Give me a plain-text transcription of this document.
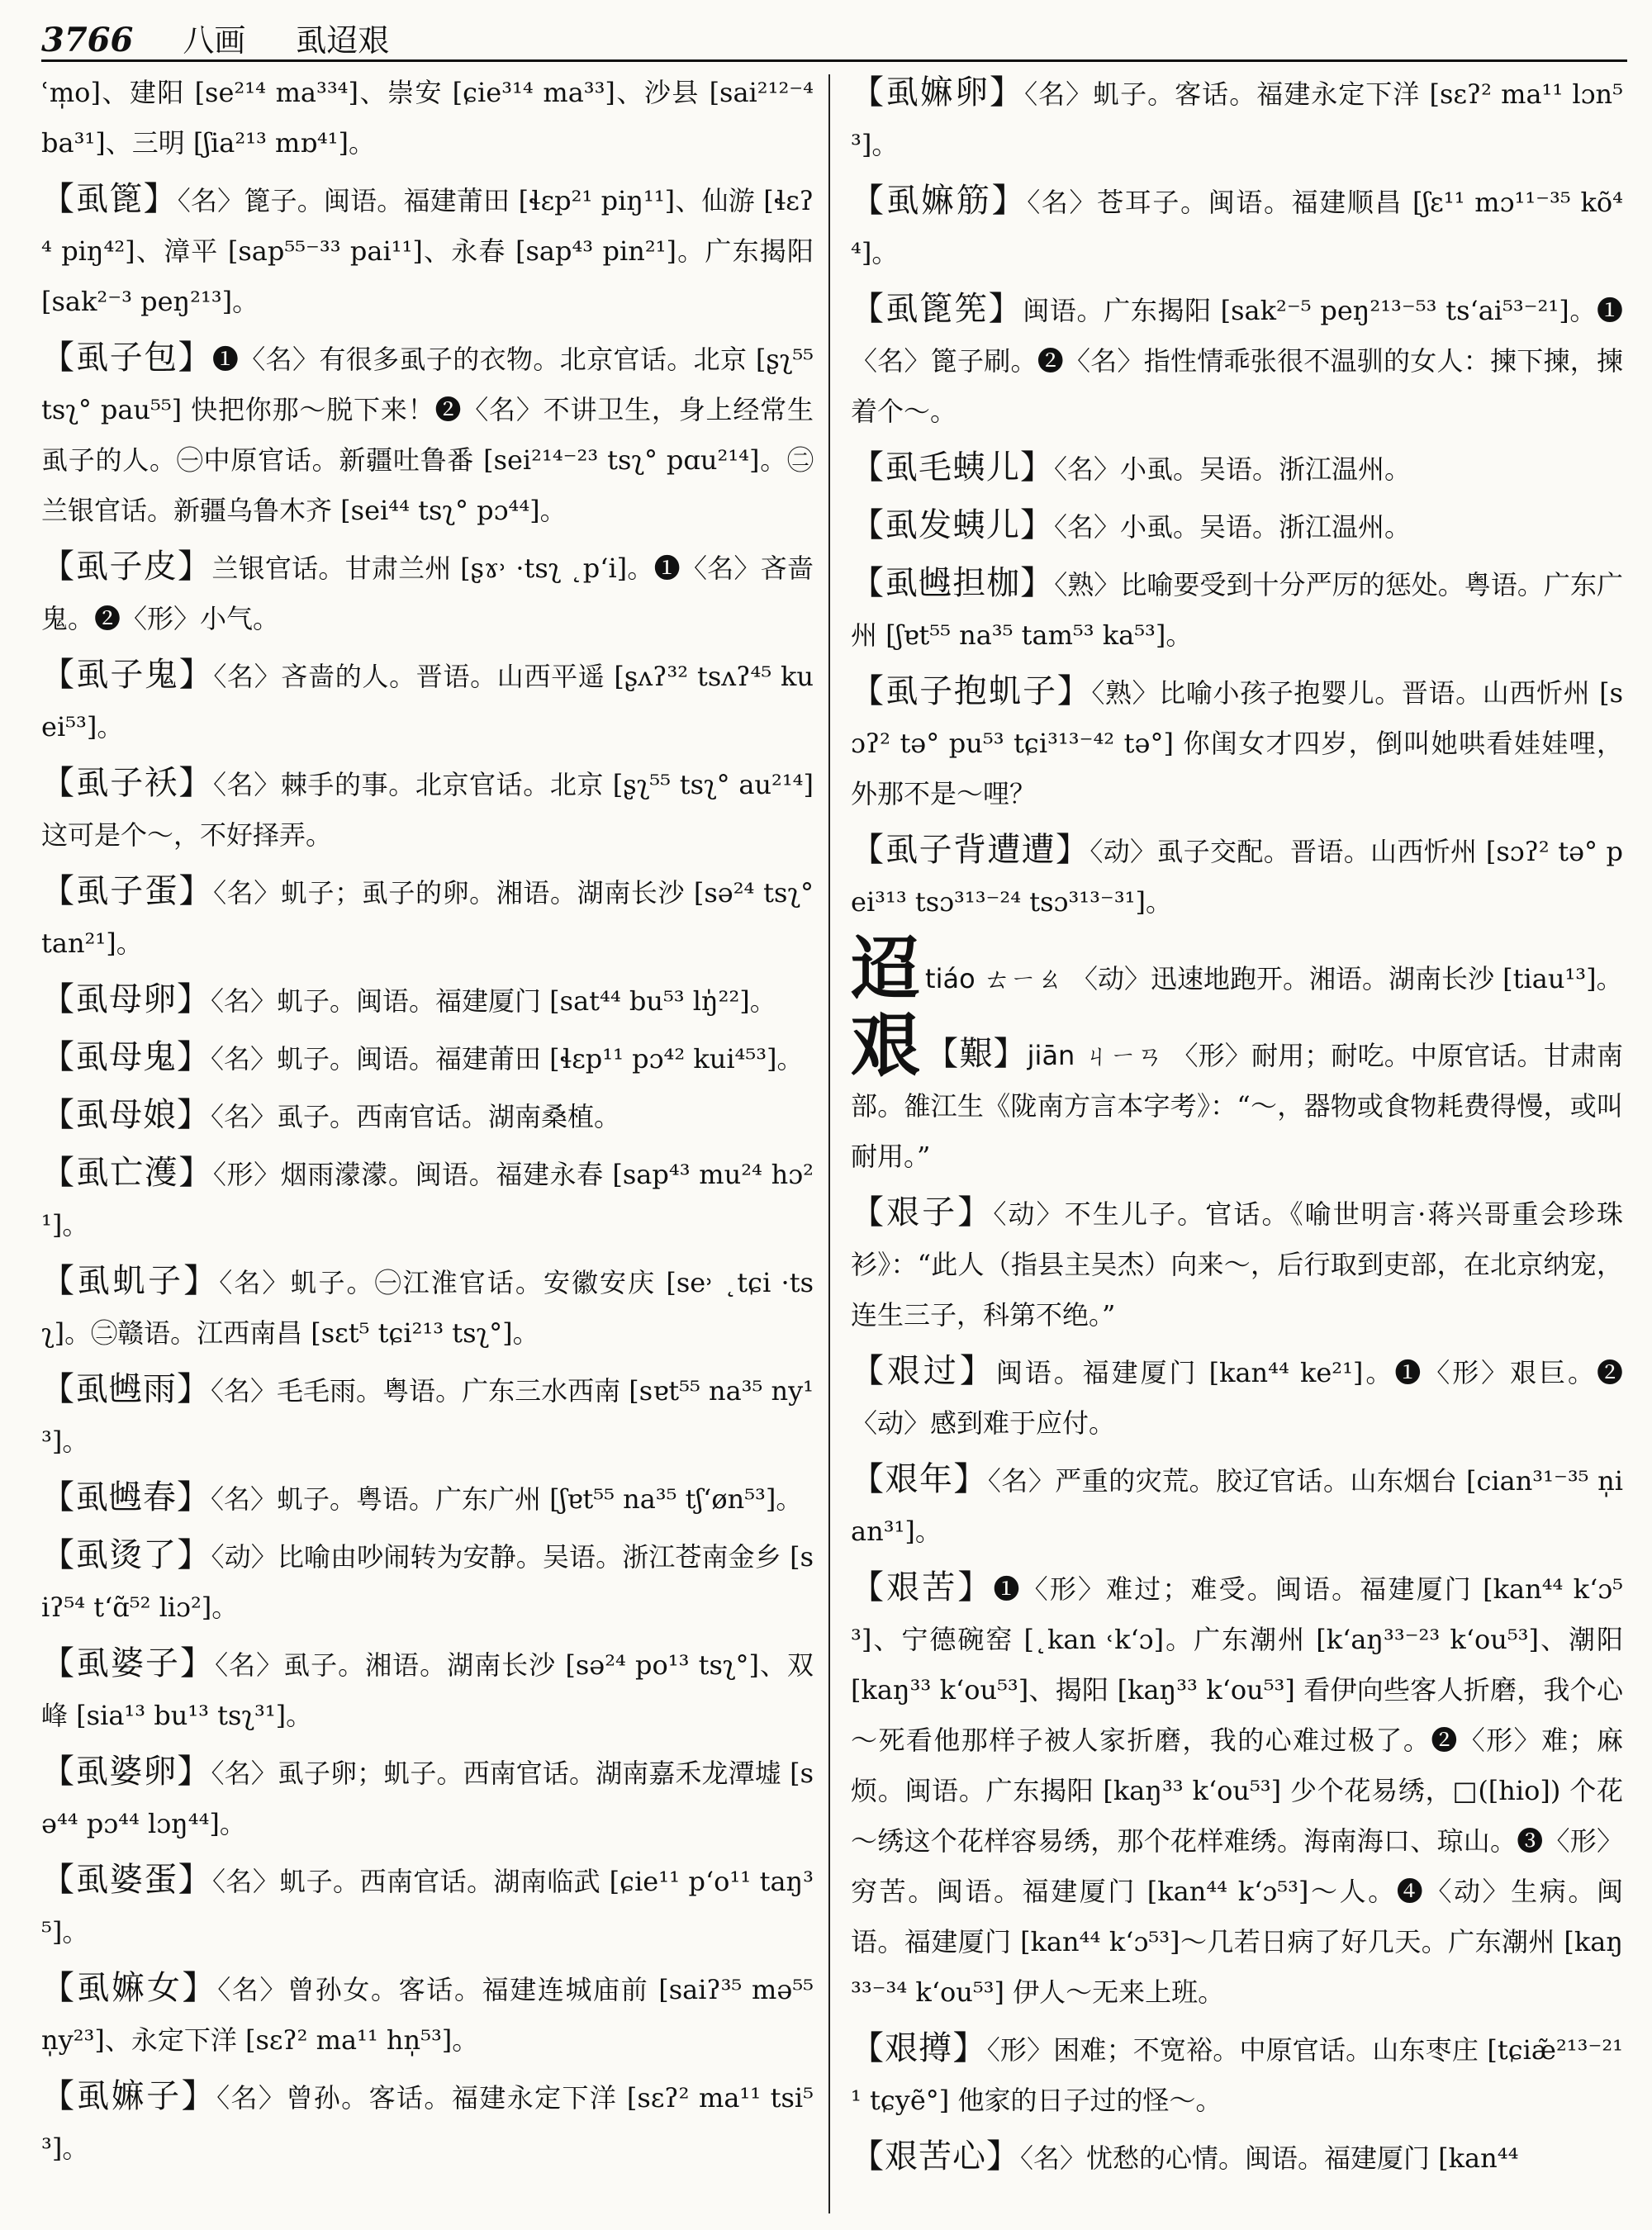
3766 八画 虱迢艰

ʿm̩o]、建阳 [se²¹⁴ ma³³⁴]、崇安 [ɕie³¹⁴ ma³³]、沙县 [sai²¹²⁻⁴ ba³¹]、三明 [ʃia²¹³ mɒ⁴¹]。

【虱篦】〈名〉篦子。闽语。福建莆田 [ɬɛp²¹ piŋ¹¹]、仙游 [ɬɛʔ⁴ piŋ⁴²]、漳平 [sap⁵⁵⁻³³ pai¹¹]、永春 [sap⁴³ pin²¹]。广东揭阳 [sak²⁻³ peŋ²¹³]。

【虱子包】❶〈名〉有很多虱子的衣物。北京官话。北京 [ʂʅ⁵⁵ tsʅ° pau⁵⁵] 快把你那～脱下来！❷〈名〉不讲卫生，身上经常生虱子的人。㊀中原官话。新疆吐鲁番 [sei²¹⁴⁻²³ tsʅ° pɑu²¹⁴]。㊁兰银官话。新疆乌鲁木齐 [sei⁴⁴ tsʅ° pɔ⁴⁴]。

【虱子皮】兰银官话。甘肃兰州 [ʂɤ˒ ·tsʅ ˛pʻi]。❶〈名〉吝啬鬼。❷〈形〉小气。

【虱子鬼】〈名〉吝啬的人。晋语。山西平遥 [ʂʌʔ³² tsʌʔ⁴⁵ kuei⁵³]。

【虱子袄】〈名〉棘手的事。北京官话。北京 [ʂʅ⁵⁵ tsʅ° au²¹⁴] 这可是个～，不好择弄。

【虱子蛋】〈名〉虮子；虱子的卵。湘语。湖南长沙 [sə²⁴ tsʅ° tan²¹]。

【虱母卵】〈名〉虮子。闽语。福建厦门 [sat⁴⁴ bu⁵³ lŋ̍²²]。

【虱母鬼】〈名〉虮子。闽语。福建莆田 [ɬɛp¹¹ pɔ⁴² kui⁴⁵³]。

【虱母娘】〈名〉虱子。西南官话。湖南桑植。

【虱亡濩】〈形〉烟雨濛濛。闽语。福建永春 [sap⁴³ mu²⁴ hɔ²¹]。

【虱虮子】〈名〉虮子。㊀江淮官话。安徽安庆 [se˒ ˛tɕi ·tsʅ]。㊁赣语。江西南昌 [sɛt⁵ tɕi²¹³ tsʅ°]。

【虱乸雨】〈名〉毛毛雨。粤语。广东三水西南 [sɐt⁵⁵ na³⁵ ny¹³]。

【虱乸春】〈名〉虮子。粤语。广东广州 [ʃɐt⁵⁵ na³⁵ tʃʻøn⁵³]。

【虱烫了】〈动〉比喻由吵闹转为安静。吴语。浙江苍南金乡 [siʔ⁵⁴ tʻɑ̃⁵² liɔ²]。

【虱婆子】〈名〉虱子。湘语。湖南长沙 [sə²⁴ po¹³ tsʅ°]、双峰 [sia¹³ bu¹³ tsʅ³¹]。

【虱婆卵】〈名〉虱子卵；虮子。西南官话。湖南嘉禾龙潭墟 [sə⁴⁴ pɔ⁴⁴ lɔŋ⁴⁴]。

【虱婆蛋】〈名〉虮子。西南官话。湖南临武 [ɕie¹¹ pʻo¹¹ taŋ³⁵]。

【虱嫲女】〈名〉曾孙女。客话。福建连城庙前 [saiʔ³⁵ mə⁵⁵ n̩y²³]、永定下洋 [sɛʔ² ma¹¹ hn̩⁵³]。

【虱嫲子】〈名〉曾孙。客话。福建永定下洋 [sɛʔ² ma¹¹ tsi⁵³]。

【虱嫲卵】〈名〉虮子。客话。福建永定下洋 [sɛʔ² ma¹¹ lɔn⁵³]。

【虱嫲筋】〈名〉苍耳子。闽语。福建顺昌 [ʃɛ¹¹ mɔ¹¹⁻³⁵ kõ⁴⁴]。

【虱篦筅】闽语。广东揭阳 [sak²⁻⁵ peŋ²¹³⁻⁵³ tsʻai⁵³⁻²¹]。❶〈名〉篦子刷。❷〈名〉指性情乖张很不温驯的女人：揀下揀，揀着个～。

【虱毛蛦儿】〈名〉小虱。吴语。浙江温州。

【虱发蛦儿】〈名〉小虱。吴语。浙江温州。

【虱乸担枷】〈熟〉比喻要受到十分严厉的惩处。粤语。广东广州 [ʃɐt⁵⁵ na³⁵ tam⁵³ ka⁵³]。

【虱子抱虮子】〈熟〉比喻小孩子抱婴儿。晋语。山西忻州 [sɔʔ² tə° pu⁵³ tɕi³¹³⁻⁴² tə°] 你闺女才四岁，倒叫她哄看娃娃哩，外那不是～哩？

【虱子背遭遭】〈动〉虱子交配。晋语。山西忻州 [sɔʔ² tə° pei³¹³ tsɔ³¹³⁻²⁴ tsɔ³¹³⁻³¹]。

迢tiáo ㄊㄧㄠ 〈动〉迅速地跑开。湘语。湖南长沙 [tiau¹³]。

艰 【艱】jiān ㄐㄧㄢ 〈形〉耐用；耐吃。中原官话。甘肃南部。雒江生《陇南方言本字考》：“～，器物或食物耗费得慢，或叫耐用。”

【艰子】〈动〉不生儿子。官话。《喻世明言·蒋兴哥重会珍珠衫》：“此人（指县主吴杰）向来～，后行取到吏部，在北京纳宠，连生三子，科第不绝。”

【艰过】闽语。福建厦门 [kan⁴⁴ ke²¹]。❶〈形〉艰巨。❷〈动〉感到难于应付。

【艰年】〈名〉严重的灾荒。胶辽官话。山东烟台 [cian³¹⁻³⁵ n̩ian³¹]。

【艰苦】❶〈形〉难过；难受。闽语。福建厦门 [kan⁴⁴ kʻɔ⁵³]、宁德碗窑 [˛kan ˓kʻɔ]。广东潮州 [kʻaŋ³³⁻²³ kʻou⁵³]、潮阳 [kaŋ³³ kʻou⁵³]、揭阳 [kaŋ³³ kʻou⁵³] 看伊向些客人折磨，我个心～死看他那样子被人家折磨，我的心难过极了。❷〈形〉难；麻烦。闽语。广东揭阳 [kaŋ³³ kʻou⁵³] 少个花易绣，□([hio]) 个花～绣这个花样容易绣，那个花样难绣。海南海口、琼山。❸〈形〉穷苦。闽语。福建厦门 [kan⁴⁴ kʻɔ⁵³]～人。❹〈动〉生病。闽语。福建厦门 [kan⁴⁴ kʻɔ⁵³]～几若日病了好几天。广东潮州 [kaŋ³³⁻³⁴ kʻou⁵³] 伊人～无来上班。

【艰撙】〈形〉困难；不宽裕。中原官话。山东枣庄 [tɕiæ̃²¹³⁻²¹¹ tɕyẽ°] 他家的日子过的怪～。

【艰苦心】〈名〉忧愁的心情。闽语。福建厦门 [kan⁴⁴
